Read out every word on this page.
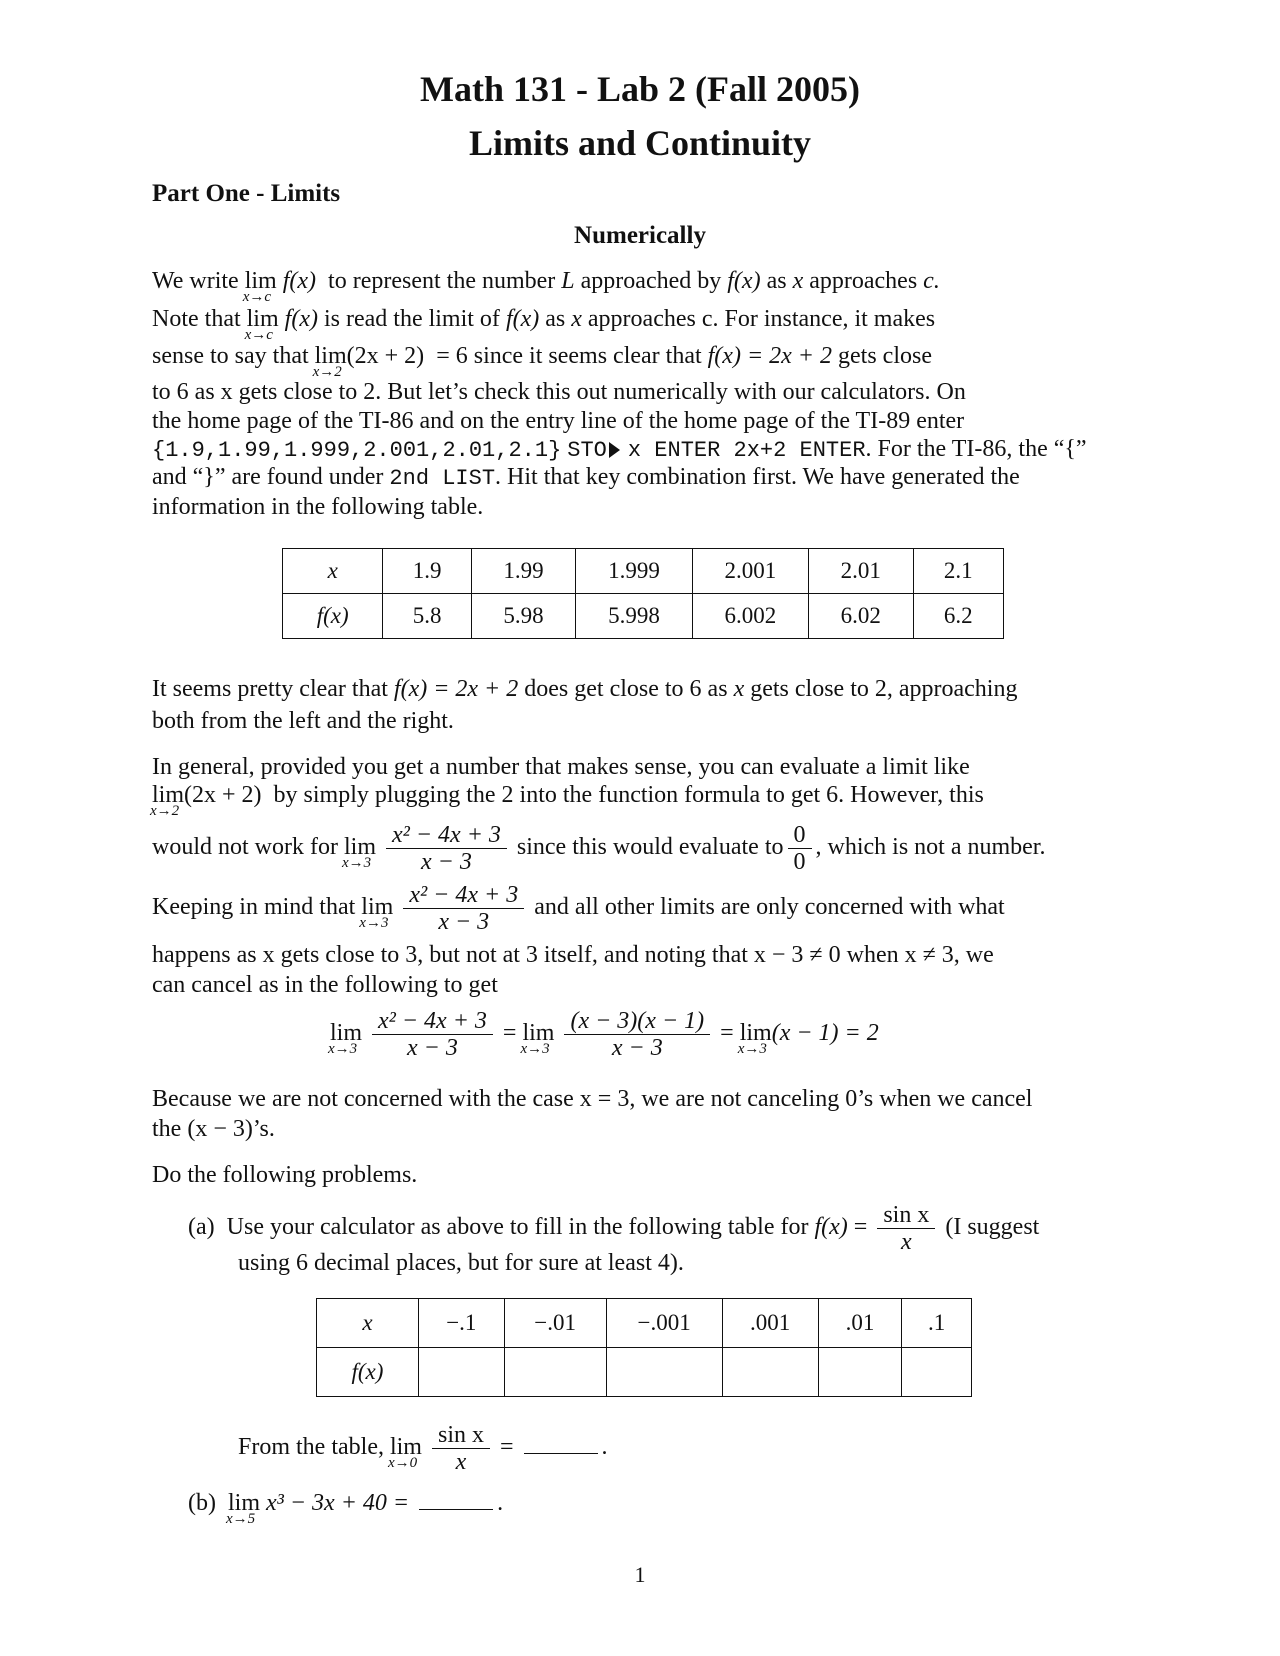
Math 131 - Lab 2 (Fall 2005)
Limits and Continuity
Part One - Limits
Numerically
We write lim
x→c
f(x) to represent the number L approached by f(x) as x approaches c.
Note that lim
x→c
f(x) is read the limit of f(x) as x approaches c. For instance, it makes
sense to say that lim
x→2
(2x + 2) = 6 since it seems clear that f(x) = 2x + 2 gets close
to 6 as x gets close to 2. But let’s check this out numerically with our calculators. On
the home page of the TI-86 and on the entry line of the home page of the TI-89 enter
{1.9,1.99,1.999,2.001,2.01,2.1} STO x ENTER 2x+2 ENTER. For the TI-86, the “{”
and “}” are found under 2nd LIST. Hit that key combination first. We have generated the
information in the following table.
x	1.9	1.99	1.999	2.001	2.01	2.1
f(x)	5.8	5.98	5.998	6.002	6.02	6.2
It seems pretty clear that f(x) = 2x + 2 does get close to 6 as x gets close to 2, approaching
both from the left and the right.
In general, provided you get a number that makes sense, you can evaluate a limit like
lim
x→2
(2x + 2) by simply plugging the 2 into the function formula to get 6. However, this
would not work for lim
x→3
$\frac{\text{x² − 4x + 3}}{x - 3}$ since this would evaluate to $\frac{0}{0}$ , which is not a number.
Keeping in mind that lim
x→3
$\frac{\text{x² − 4x + 3}}{x - 3}$ and all other limits are only concerned with what
happens as x gets close to 3, but not at 3 itself, and noting that x − 3 ≠ 0 when x ≠ 3, we
can cancel as in the following to get
lim
x→3
$\frac{\text{x² − 4x + 3}}{x - 3} = \lim$
x→3
$\frac{(x - 3)(x - 1)}{x - 3} = \lim$
x→3
(x − 1) = 2
Because we are not concerned with the case x = 3, we are not canceling 0’s when we cancel
the (x − 3)’s.
Do the following problems.
(a) Use your calculator as above to fill in the following table for $f(x) = \frac{\text{sin x}}{x} (I$ suggest
using 6 decimal places, but for sure at least 4).
x	−.1	−.01	−.001	.001	.01	.1
f(x)						
From the table, lim
x→0
$\frac{\text{sin x}}{x}$ =	.
(b) lim
x→5
x³ − 3x + 40 =	.
1
